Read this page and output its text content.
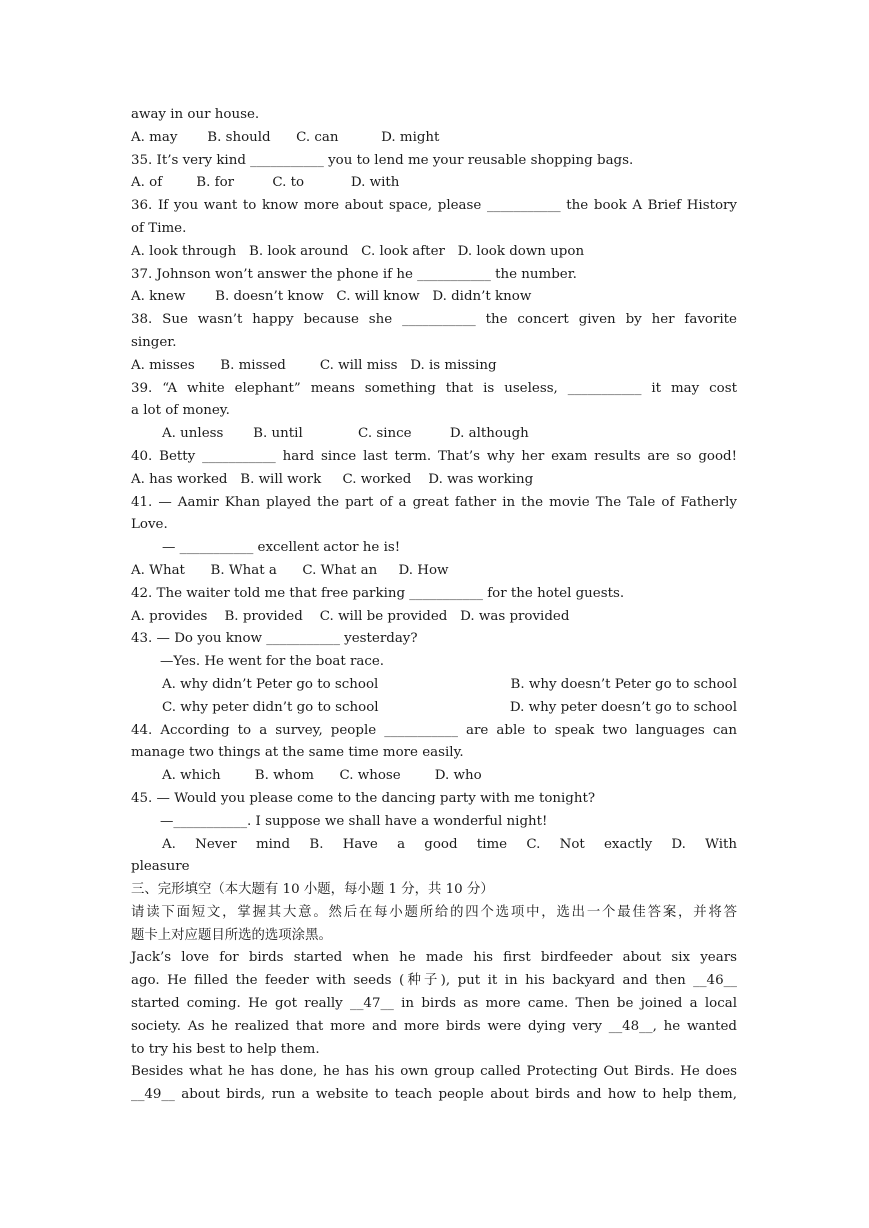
away in our house.
A. may       B. should      C. can          D. might
35. It’s very kind ___________ you to lend me your reusable shopping bags.
A. of        B. for         C. to           D. with
36. If you want to know more about space, please ___________ the book A Brief History
of Time.
A. look through   B. look around   C. look after   D. look down upon
37. Johnson won’t answer the phone if he ___________ the number.
A. knew       B. doesn’t know   C. will know   D. didn’t know
38. Sue wasn’t happy because she ___________ the concert given by her favorite
singer.
A. misses      B. missed        C. will miss   D. is missing
39. “A white elephant” means something that is useless, ___________ it may cost
a lot of money.
A. unless       B. until             C. since         D. although
40. Betty ___________ hard since last term. That’s why her exam results are so good!
A. has worked   B. will work     C. worked    D. was working
41. — Aamir Khan played the part of a great father in the movie The Tale of Fatherly
Love.
— ___________ excellent actor he is!
A. What      B. What a      C. What an     D. How
42. The waiter told me that free parking ___________ for the hotel guests.
A. provides    B. provided    C. will be provided   D. was provided
43. — Do you know ___________ yesterday?
—Yes. He went for the boat race.
A. why didn’t Peter go to school	B. why doesn’t Peter go to school
C. why peter didn’t go to school	D. why peter doesn’t go to school
44. According to a survey, people ___________ are able to speak two languages can
manage two things at the same time more easily.
A. which        B. whom      C. whose        D. who
45. — Would you please come to the dancing party with me tonight?
—___________. I suppose we shall have a wonderful night!
A. Never mind B. Have a good time C. Not exactly D. With
pleasure
三、完形填空（本大题有 10 小题，每小题 1 分，共 10 分）
请读下面短文，掌握其大意。然后在每小题所给的四个选项中，选出一个最佳答案，并将答
题卡上对应题目所选的选项涂黑。
Jack’s love for birds started when he made his first birdfeeder about six years
ago. He filled the feeder with seeds (种子), put it in his backyard and then __46__
started coming. He got really __47__ in birds as more came. Then be joined a local
society. As he realized that more and more birds were dying very __48__, he wanted
to try his best to help them.
Besides what he has done, he has his own group called Protecting Out Birds. He does
__49__ about birds, run a website to teach people about birds and how to help them,
